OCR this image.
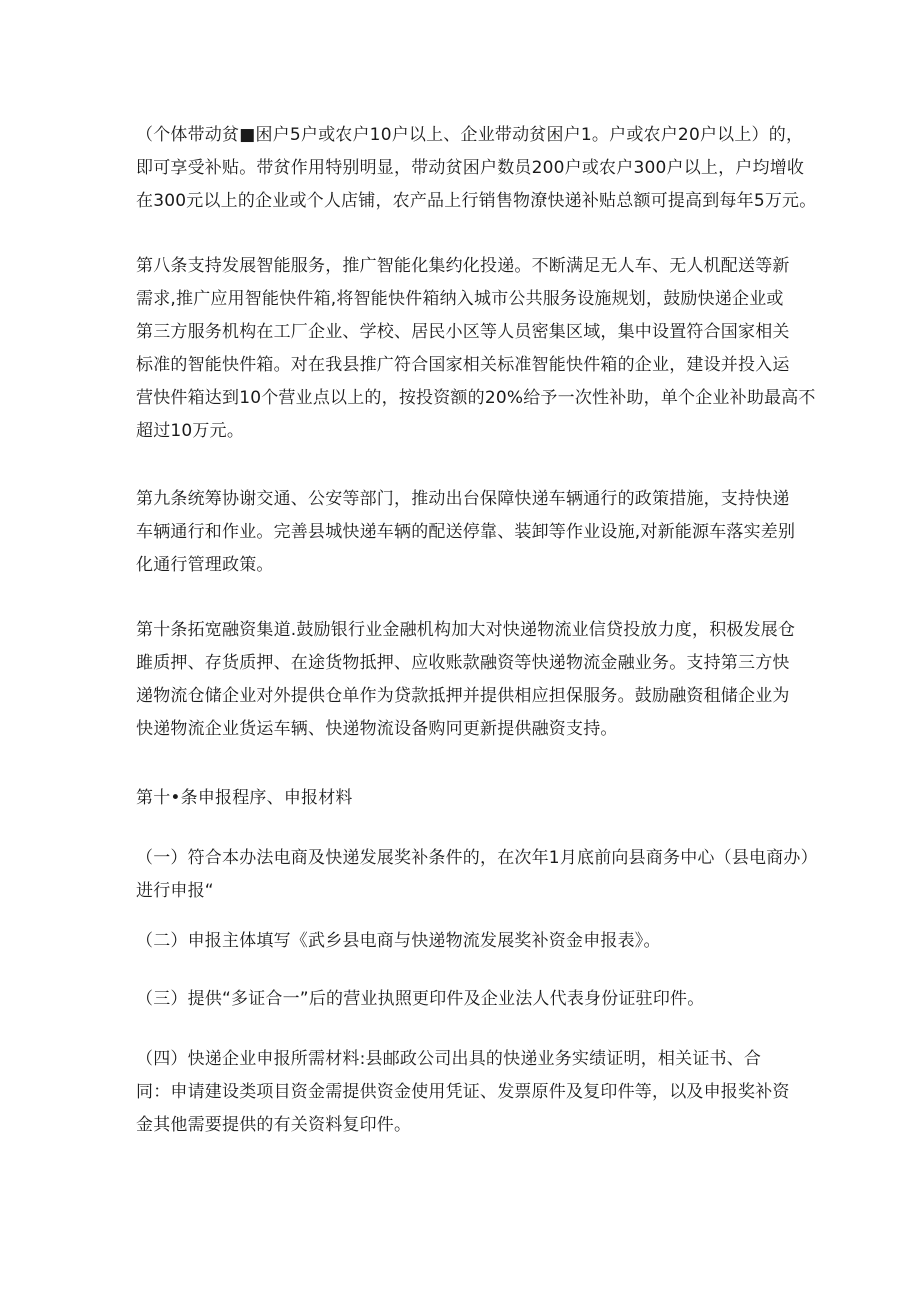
（个体带动贫■困户5户或农户10户以上、企业带动贫困户1。户或农户20户以上）的，
即可享受补贴。带贫作用特别明显，带动贫困户数员200户或农户300户以上，户均增收
在300元以上的企业或个人店铺，农产品上行销售物潦快递补贴总额可提高到每年5万元。
第八条支持发展智能服务，推广智能化集约化投递。不断满足无人车、无人机配送等新
需求,推广应用智能快件箱,将智能快件箱纳入城市公共服务设施规划，鼓励快递企业或
第三方服务机构在工厂企业、学校、居民小区等人员密集区域，集中设置符合国家相关
标准的智能快件箱。对在我县推广符合国家相关标准智能快件箱的企业，建设并投入运
营快件箱达到10个营业点以上的，按投资额的20%给予一次性补助，单个企业补助最高不
超过10万元。
第九条统筹协谢交通、公安等部门，推动出台保障快递车辆通行的政策措施，支持快递
车辆通行和作业。完善县城快递车辆的配送停靠、装卸等作业设施,对新能源车落实差别
化通行管理政策。
第十条拓宽融资集道.鼓励银行业金融机构加大对快递物流业信贷投放力度，积极发展仓
雎质押、存货质押、在途货物抵押、应收账款融资等快递物流金融业务。支持第三方快
递物流仓储企业对外提供仓单作为贷款抵押并提供相应担保服务。鼓励融资租储企业为
快递物流企业货运车辆、快递物流设备购冋更新提供融资支持。
第十•条申报程序、申报材料
（一）符合本办法电商及快递发展奖补条件的，在次年1月底前向县商务中心（县电商办）
进行申报“
（二）申报主体填写《武乡县电商与快递物流发展奖补资金申报表》。
（三）提供“多证合一”后的营业执照更印件及企业法人代表身份证驻印件。
（四）快递企业申报所需材料:县邮政公司出具的快递业务实绩证明，相关证书、合
同：申请建设类项目资金需提供资金使用凭证、发票原件及复印件等，以及申报奖补资
金其他需要提供的有关资料复印件。
